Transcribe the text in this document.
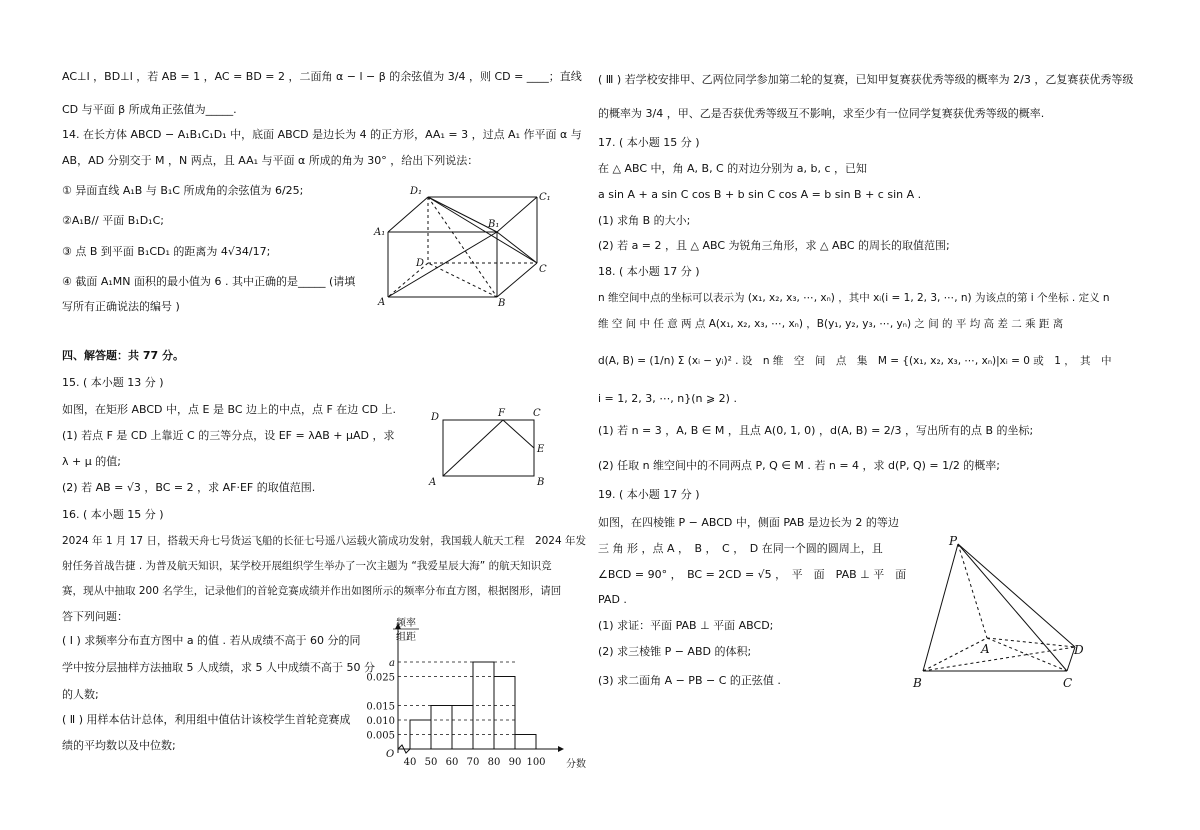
AC⊥l ，BD⊥l ，若 AB = 1 ，AC = BD = 2 ，二面角 α − l − β 的余弦值为 3/4 ，则 CD = ____；直线
CD 与平面 β 所成角正弦值为_____.
14. 在长方体 ABCD − A₁B₁C₁D₁ 中，底面 ABCD 是边长为 4 的正方形，AA₁ = 3 ，过点 A₁ 作平面 α 与
AB，AD 分别交于 M ，N 两点，且 AA₁ 与平面 α 所成的角为 30° ，给出下列说法：
① 异面直线 A₁B 与 B₁C 所成角的余弦值为 6/25;
②A₁B// 平面 B₁D₁C;
③ 点 B 到平面 B₁CD₁ 的距离为 4√34/17;
④ 截面 A₁MN 面积的最小值为 6 . 其中正确的是_____ (请填
写所有正确说法的编号 )
四、解答题：共 77 分。
15. ( 本小题 13 分 )
如图，在矩形 ABCD 中，点 E 是 BC 边上的中点，点 F 在边 CD 上.
(1) 若点 F 是 CD 上靠近 C 的三等分点，设 EF = λAB + μAD ，求
λ + μ 的值;
(2) 若 AB = √3 ，BC = 2 ，求 AF·EF 的取值范围.
16. ( 本小题 15 分 )
2024 年 1 月 17 日，搭载天舟七号货运飞船的长征七号遥八运载火箭成功发射，我国载人航天工程　2024 年发
射任务首战告捷 . 为普及航天知识，某学校开展组织学生举办了一次主题为 “我爱星辰大海” 的航天知识竞
赛，现从中抽取 200 名学生，记录他们的首轮竞赛成绩并作出如图所示的频率分布直方图，根据图形，请回
答下列问题：
( Ⅰ ) 求频率分布直方图中 a 的值 . 若从成绩不高于 60 分的同
学中按分层抽样方法抽取 5 人成绩，求 5 人中成绩不高于 50 分
的人数;
( Ⅱ ) 用样本估计总体，利用组中值估计该校学生首轮竞赛成
绩的平均数以及中位数;
D₁
C₁
B₁
A₁
D
C
A	B
D	F	C
E
A	B
a
0.025
0.015
0.010
0.005
40 50 60 70 80 90 100
O
频率
组距
分数
( Ⅲ ) 若学校安排甲、乙两位同学参加第二轮的复赛，已知甲复赛获优秀等级的概率为 2/3 ，乙复赛获优秀等级
的概率为 3/4 ，甲、乙是否获优秀等级互不影响，求至少有一位同学复赛获优秀等级的概率.
17. ( 本小题 15 分 )
在 △ ABC 中，角 A, B, C 的对边分别为 a, b, c ，已知
a sin A + a sin C cos B + b sin C cos A = b sin B + c sin A .
(1) 求角 B 的大小;
(2) 若 a = 2 ，且 △ ABC 为锐角三角形，求 △ ABC 的周长的取值范围;
18. ( 本小题 17 分 )
n 维空间中点的坐标可以表示为 (x₁, x₂, x₃, ⋯, xₙ) ，其中 xᵢ(i = 1, 2, 3, ⋯, n) 为该点的第 i 个坐标 . 定义 n
维 空 间 中 任 意 两 点 A(x₁, x₂, x₃, ⋯, xₙ) ，B(y₁, y₂, y₃, ⋯, yₙ) 之 间 的 平 均 高 差 二 乘 距 离
d(A, B) = (1/n) Σ (xᵢ − yᵢ)² . 设　n 维　空　间　点　集　M = {(x₁, x₂, x₃, ⋯, xₙ)|xᵢ = 0 或　1 ，　其　中
i = 1, 2, 3, ⋯, n}(n ⩾ 2) .
(1) 若 n = 3 ，A, B ∈ M ，且点 A(0, 1, 0) ，d(A, B) = 2/3 ，写出所有的点 B 的坐标;
(2) 任取 n 维空间中的不同两点 P, Q ∈ M . 若 n = 4 ，求 d(P, Q) = 1/2 的概率;
19. ( 本小题 17 分 )
如图，在四棱锥 P − ABCD 中，侧面 PAB 是边长为 2 的等边
三 角 形 ，点 A ，　B ，　C ，　D 在同一个圆的圆周上，且
∠BCD = 90° ，　BC = 2CD = √5 ，　平　面　PAB ⊥ 平　面
PAD .
(1) 求证：平面 PAB ⊥ 平面 ABCD;
(2) 求三棱锥 P − ABD 的体积;
(3) 求二面角 A − PB − C 的正弦值 .
P
A	D
B	C
